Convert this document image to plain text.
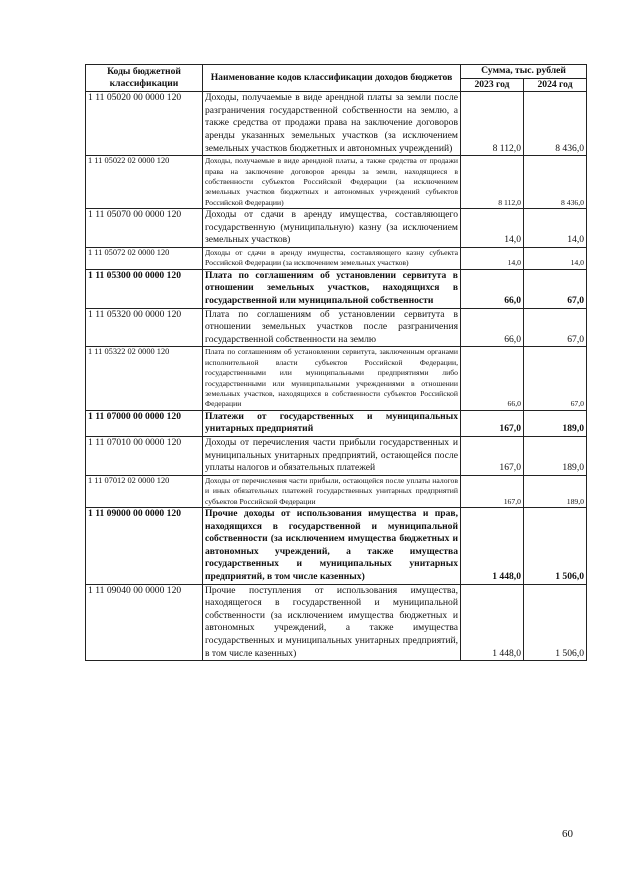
Коды бюджетной классификации	Наименование кодов классификации доходов бюджетов	Сумма, тыс. рублей	
		2023 год	2024 год
1 11 05020 00 0000 120	Доходы, получаемые в виде арендной платы за земли после разграничения государственной собственности на землю, а также средства от продажи права на заключение договоров аренды указанных земельных участков (за исключением земельных участков бюджетных и автономных учреждений)	8 112,0	8 436,0
1 11 05022 02 0000 120	Доходы, получаемые в виде арендной платы, а также средства от продажи права на заключение договоров аренды за земли, находящиеся в собственности субъектов Российской Федерации (за исключением земельных участков бюджетных и автономных учреждений субъектов Российской Федерации)	8 112,0	8 436,0
1 11 05070 00 0000 120	Доходы от сдачи в аренду имущества, составляющего государственную (муниципальную) казну (за исключением земельных участков)	14,0	14,0
1 11 05072 02 0000 120	Доходы от сдачи в аренду имущества, составляющего казну субъекта Российской Федерации (за исключением земельных участков)	14,0	14,0
1 11 05300 00 0000 120	Плата по соглашениям об установлении сервитута в отношении земельных участков, находящихся в государственной или муниципальной собственности	66,0	67,0
1 11 05320 00 0000 120	Плата по соглашениям об установлении сервитута в отношении земельных участков после разграничения государственной собственности на землю	66,0	67,0
1 11 05322 02 0000 120	Плата по соглашениям об установлении сервитута, заключенным органами исполнительной власти субъектов Российской Федерации, государственными или муниципальными предприятиями либо государственными или муниципальными учреждениями в отношении земельных участков, находящихся в собственности субъектов Российской Федерации	66,0	67,0
1 11 07000 00 0000 120	Платежи от государственных и муниципальных унитарных предприятий	167,0	189,0
1 11 07010 00 0000 120	Доходы от перечисления части прибыли государственных и муниципальных унитарных предприятий, остающейся после уплаты налогов и обязательных платежей	167,0	189,0
1 11 07012 02 0000 120	Доходы от перечисления части прибыли, остающейся после уплаты налогов и иных обязательных платежей государственных унитарных предприятий субъектов Российской Федерации	167,0	189,0
1 11 09000 00 0000 120	Прочие доходы от использования имущества и прав, находящихся в государственной и муниципальной собственности (за исключением имущества бюджетных и автономных учреждений, а также имущества государственных и муниципальных унитарных предприятий, в том числе казенных)	1 448,0	1 506,0
1 11 09040 00 0000 120	Прочие поступления от использования имущества, находящегося в государственной и муниципальной собственности (за исключением имущества бюджетных и автономных учреждений, а также имущества государственных и муниципальных унитарных предприятий, в том числе казенных)	1 448,0	1 506,0
60
